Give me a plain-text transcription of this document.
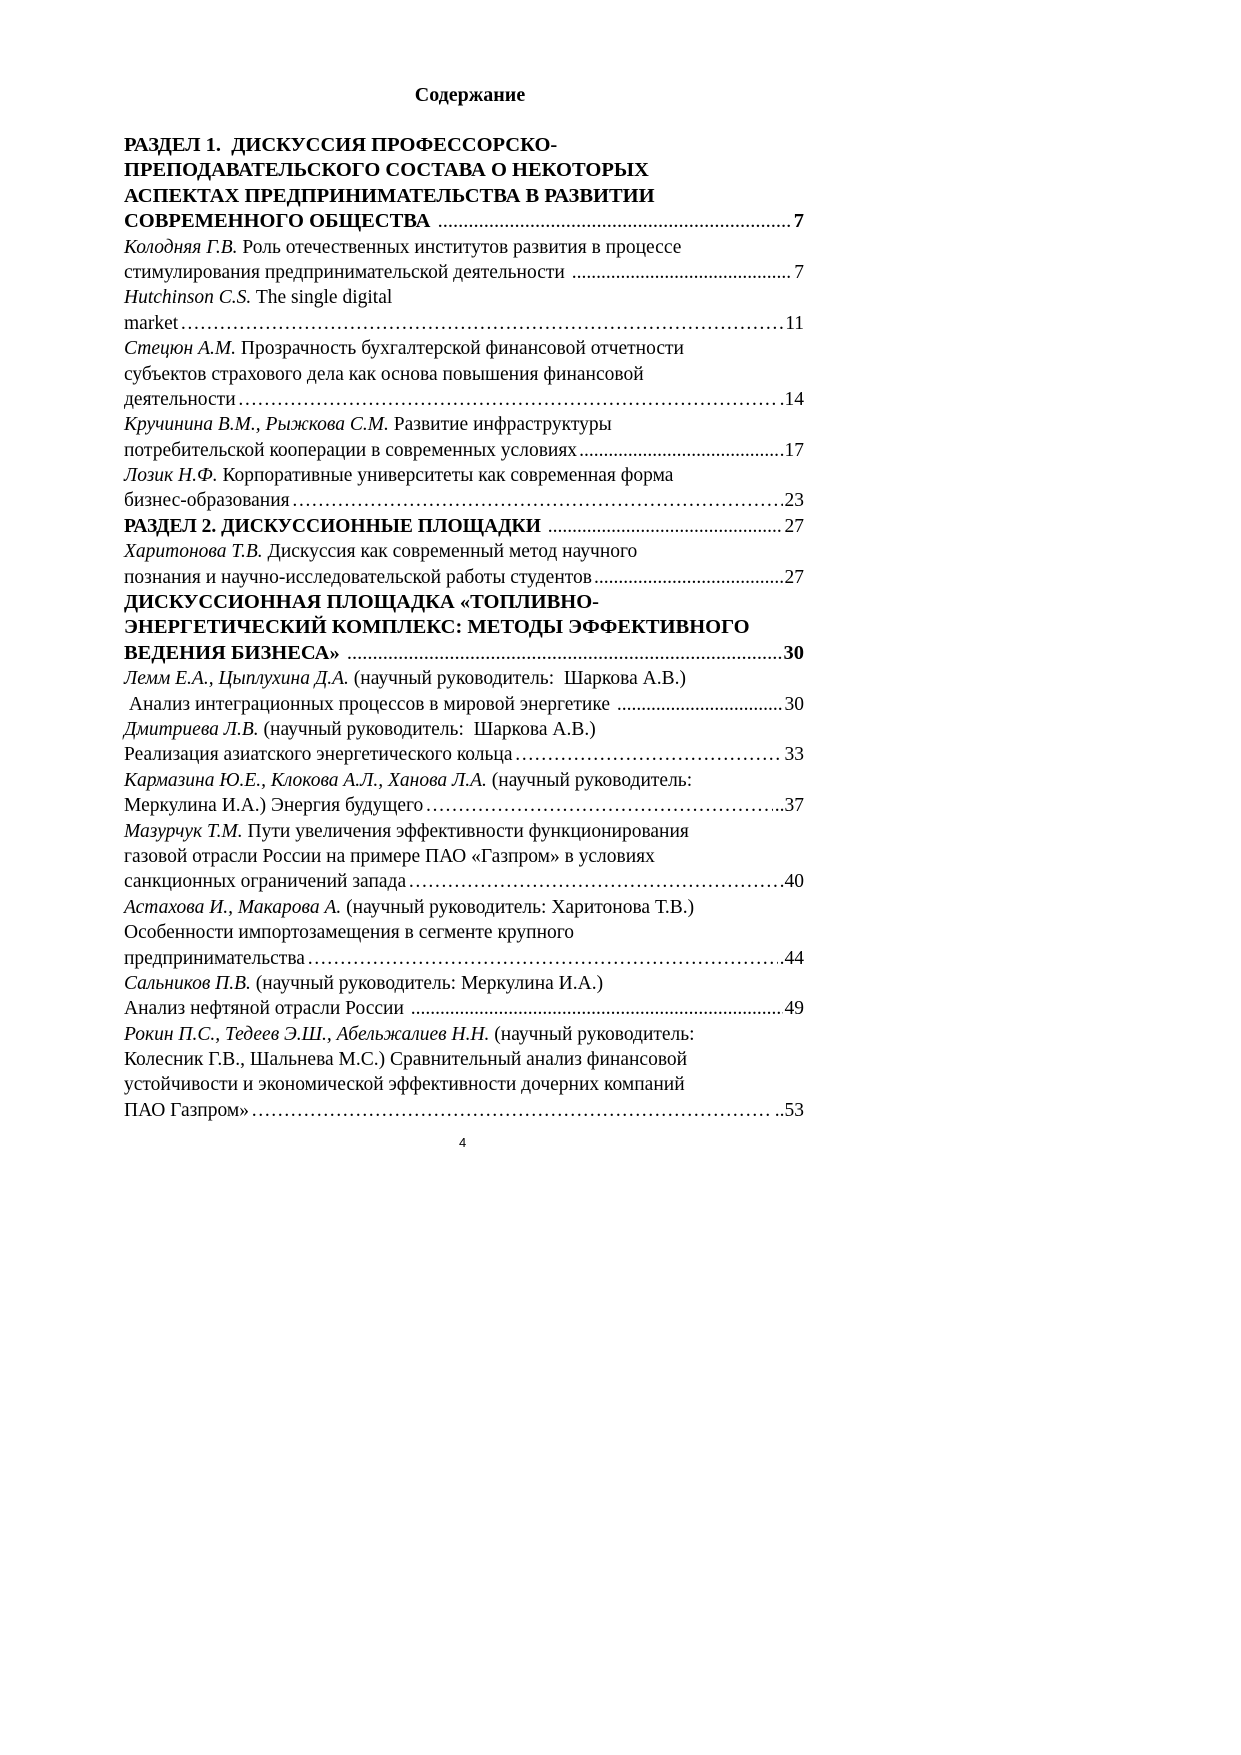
Содержание
РАЗДЕЛ 1.  ДИСКУССИЯ ПРОФЕССОРСКО-
ПРЕПОДАВАТЕЛЬСКОГО СОСТАВА О НЕКОТОРЫХ
АСПЕКТАХ ПРЕДПРИНИМАТЕЛЬСТВА В РАЗВИТИИ
СОВРЕМЕННОГО ОБЩЕСТВА .....	7
Колодняя Г.В. Роль отечественных институтов развития в процессе
стимулирования предпринимательской деятельности .....	7
Hutchinson C.S. The single digital
market …………………………………………………………………………………………………………………………………………………………………………………………	11
Стецюн А.М. Прозрачность бухгалтерской финансовой отчетности
субъектов страхового дела как основа повышения финансовой
деятельности …………………………………………………………………………………………………………………………………………………………………………………………	.14
Кручинина В.М., Рыжкова С.М. Развитие инфраструктуры
потребительской кооперации в современных условиях .....	.17
Лозик Н.Ф. Корпоративные университеты как современная форма
бизнес-образования …………………………………………………………………………………………………………………………………………………………………………………………	23
РАЗДЕЛ 2. ДИСКУССИОННЫЕ ПЛОЩАДКИ .....	27
Харитонова Т.В. Дискуссия как современный метод научного
познания и научно-исследовательской работы студентов .....	27
ДИСКУССИОННАЯ ПЛОЩАДКА «ТОПЛИВНО-
ЭНЕРГЕТИЧЕСКИЙ КОМПЛЕКС: МЕТОДЫ ЭФФЕКТИВНОГО
ВЕДЕНИЯ БИЗНЕСА» .....	30
Лемм Е.А., Цыплухина Д.А. (научный руководитель:  Шаркова А.В.)
Анализ интеграционных процессов в мировой энергетике .....	30
Дмитриева Л.В. (научный руководитель:  Шаркова А.В.)
Реализация азиатского энергетического кольца …………………………………………………………………………………………………………………………………………………………………………………………	33
Кармазина Ю.Е., Клокова А.Л., Ханова Л.А. (научный руководитель:
Меркулина И.А.) Энергия будущего …………………………………………………………………………………………………………………………………………………………………………………………	..37
Мазурчук Т.М. Пути увеличения эффективности функционирования
газовой отрасли России на примере ПАО «Газпром» в условиях
санкционных ограничений запада …………………………………………………………………………………………………………………………………………………………………………………………	.40
Астахова И., Макарова А. (научный руководитель: Харитонова Т.В.)
Особенности импортозамещения в сегменте крупного
предпринимательства …………………………………………………………………………………………………………………………………………………………………………………………	.44
Сальников П.В. (научный руководитель: Меркулина И.А.)
Анализ нефтяной отрасли России .....	49
Рокин П.С., Тедеев Э.Ш., Абельжалиев Н.Н. (научный руководитель:
Колесник Г.В., Шальнева М.С.) Сравнительный анализ финансовой
устойчивости и экономической эффективности дочерних компаний
ПАО Газпром» …………………………………………………………………………………………………………………………………………………………………………………………	..53
4
